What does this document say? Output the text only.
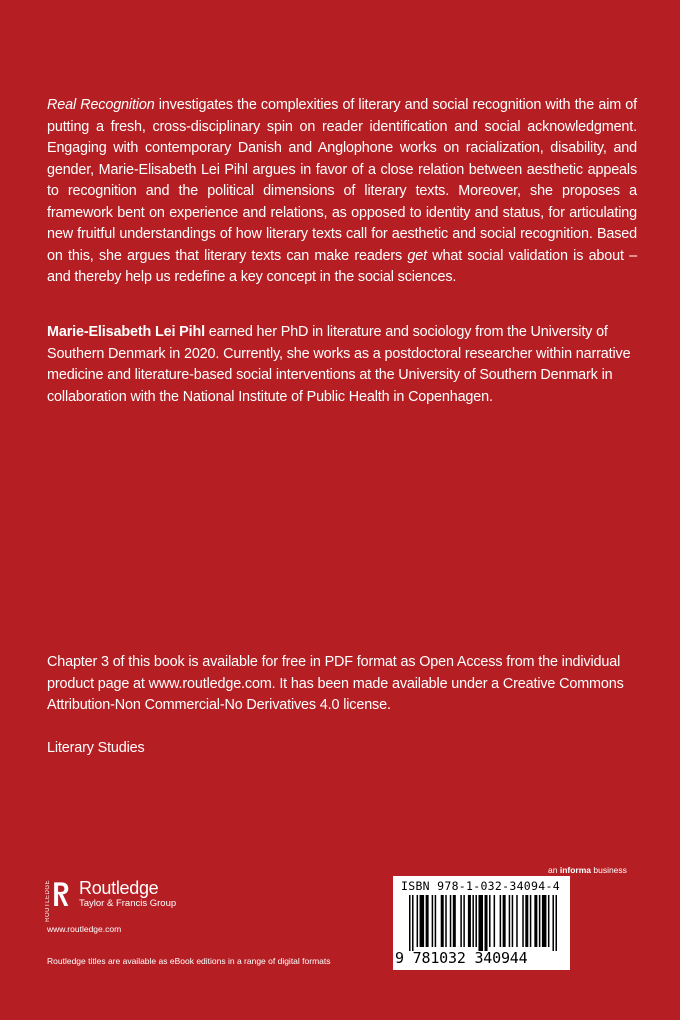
Real Recognition investigates the complexities of literary and social recognition with the aim of putting a fresh, cross-disciplinary spin on reader identification and social acknowledgment. Engaging with contemporary Danish and Anglophone works on racialization, disability, and gender, Marie-Elisabeth Lei Pihl argues in favor of a close relation between aesthetic appeals to recognition and the political dimensions of literary texts. Moreover, she proposes a framework bent on experience and relations, as opposed to identity and status, for articulating new fruitful understandings of how literary texts call for aesthetic and social recognition. Based on this, she argues that literary texts can make readers get what social validation is about – and thereby help us redefine a key concept in the social sciences.

Marie-Elisabeth Lei Pihl earned her PhD in literature and sociology from the University of Southern Denmark in 2020. Currently, she works as a postdoctoral researcher within narrative medicine and literature-based social interventions at the University of Southern Denmark in collaboration with the National Institute of Public Health in Copenhagen.

Chapter 3 of this book is available for free in PDF format as Open Access from the individual product page at www.routledge.com. It has been made available under a Creative Commons Attribution-Non Commercial-No Derivatives 4.0 license.

Literary Studies

an informa business
ROUTLEDGE Routledge
Taylor & Francis Group
www.routledge.com
Routledge titles are available as eBook editions in a range of digital formats
ISBN 978-1-032-34094-4
9 781032 340944
